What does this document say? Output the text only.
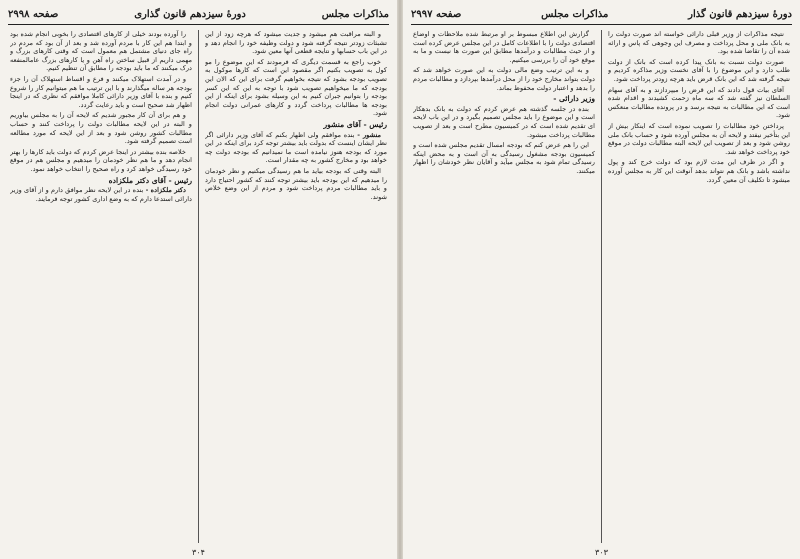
مذاکرات مجلس
دورهٔ سیزدهم قانون گذاری
صفحه ۲۹۹۸

و البته مراقبت هم میشود و جدیت میشود که هرچه زود از این تشبثات زودتر نتیجه گرفته شود و دولت وظیفه خود را انجام دهد و در این باب حسابها و نتایجه قطعی آنها معین شود.

خوب راجع به قسمت دیگری که فرمودند که این موضوع را مو کول به تصویب بکنیم اگر مقصود این است که کارها موکول به تصویب بودجه بشود که نتیجه بخواهیم گرفت برای این که الان این بودجه که ما میخواهیم تصویب شود با توجه به این که این کسر بودجه را بتوانیم جبران کنیم به این وسیله بشود برای اینکه از این بودجه ها مطالبات پرداخت گردد و کارهای عمرانی دولت انجام شود.

رئیس - آقای منشور

منشور - بنده موافقم ولی اظهار بکنم که آقای وزیر دارائی اگر نظر ایشان اینست که بدولت باید بیشتر توجه کرد برای اینکه در این مورد که بودجه هنوز نیامده است ما نمیدانیم که بودجه دولت چه خواهد بود و مخارج کشور به چه مقدار است.

البته وقتی که بودجه بیاید ما هم رسیدگی میکنیم و نظر خودمان را میدهیم که این بودجه باید بیشتر توجه کنند که کشور احتیاج دارد و باید مطالبات مردم پرداخت شود و مردم از این وضع خلاص شوند.

را آورده بودند خیلی از کارهای اقتصادی را بخوبی انجام شده بود و ابتدا هم این کار با مردم آورده شد و بعد از آن بود که مردم در راه جای دنیای مشتمل هم معمول است که وقتی کارهای بزرگ و مهمی داریم از قبیل ساختن راه آهن و یا کارهای بزرگ عامالمنفعه درک میکنند که ما باید بودجه را مطابق آن تنظیم کنیم.

و در آمدت استهلاک میکنند و فرع و اقساط استهلاک آن را جزء بودجه هر ساله میگذارند و با این ترتیب ما هم میتوانیم کار را شروع کنیم و بنده با آقای وزیر دارائی کاملا موافقم که نظری که در اینجا اظهار شد صحیح است و باید رعایت گردد.

و هم برای آن کار مجبور شدیم که لایحه آن را به مجلس بیاوریم و البته در این لایحه مطالبات دولت را پرداخت کنند و حساب مطالبات کشور روشن شود و بعد از این لایحه که مورد مطالعه است تصمیم گرفته شود.

خلاصه بنده بیشتر در اینجا عرض کردم که دولت باید کارها را بهتر انجام دهد و ما هم نظر خودمان را میدهیم و مجلس هم در موقع خود رسیدگی خواهد کرد و راه صحیح را انتخاب خواهد نمود.

رئیس - آقای دکتر ملکزاده

دکتر ملکزاده - بنده در این لایحه نظر موافق دارم و از آقای وزیر دارائی استدعا دارم که به وضع اداری کشور توجه فرمایند.

۳۰۴
دورهٔ سیزدهم قانون گذار
مذاکرات مجلس
صفحه ۲۹۹۷

نتیجه مذاکرات از وزیر قبلی دارائی خواسته اند صورت دولت را به بانک ملی و محل پرداخت و مصرف این وجوهی که پاس و ارائه شده آن را تقاضا شده بود.

صورت دولت نسبت به بانک پیدا کرده است که بانک از دولت طلب دارد و این موضوع را با آقای نخست وزیر مذاکره کردیم و نتیجه گرفته شد که این بانک قرض باید هرچه زودتر پرداخت شود.

آقای بیات قول دادند که این قرض را میپردازند و به آقای سهام السلطان نیز گفته شد که سه ماه زحمت کشیدند و اقدام شده است که این مطالبات به نتیجه برسد و در پرونده مطالبات منعکس شود.

پرداختن خود مطالبات را تصویب نموده است که اینکار بیش از این بتأخیر نیفتد و لایحه آن به مجلس آورده شود و حساب بانک ملی روشن شود و بعد از تصویب این لایحه البته مطالبات دولت در موقع خود پرداخت خواهد شد.

و اگر در ظرف این مدت لازم بود که دولت خرج کند و پول نداشته باشد و بانک هم نتواند بدهد آنوقت این کار به مجلس آورده میشود تا تکلیف آن معین گردد.

گزارش این اطلاع مبسوط بر او مرتبط شده ملاحظات و اوضاع اقتصادی دولت را با اطلاعات کامل در این مجلس عرض کرده است و از حیث مطالبات و درآمدها مطابق این صورت ها نیست و ما به موقع خود آن را بررسی میکنیم.

و به این ترتیب وضع مالی دولت به این صورت خواهد شد که دولت بتواند مخارج خود را از محل درآمدها بپردازد و مطالبات مردم را بدهد و اعتبار دولت محفوظ بماند.

وزیر دارائی -

بنده در جلسه گذشته هم عرض کردم که دولت به بانک بدهکار است و این موضوع را باید مجلس تصمیم بگیرد و در این باب لایحه ای تقدیم شده است که در کمیسیون مطرح است و بعد از تصویب مطالبات پرداخت میشود.

این را هم عرض کنم که بودجه امسال تقدیم مجلس شده است و کمیسیون بودجه مشغول رسیدگی به آن است و به محض اینکه رسیدگی تمام شود به مجلس میآید و آقایان نظر خودشان را اظهار میکنند.

۳۰۳
